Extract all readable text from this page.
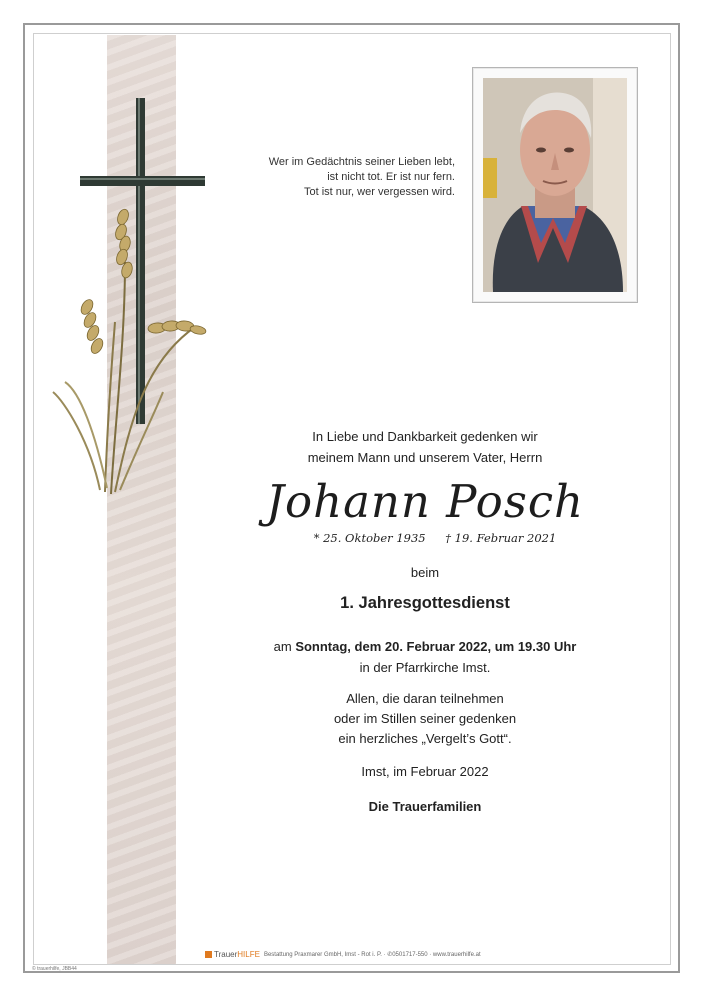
Wer im Gedächtnis seiner Lieben lebt,
ist nicht tot. Er ist nur fern.
Tot ist nur, wer vergessen wird.
In Liebe und Dankbarkeit gedenken wir
meinem Mann und unserem Vater, Herrn
Johann Posch
* 25. Oktober 1935 † 19. Februar 2021
beim
1. Jahresgottesdienst
am Sonntag, dem 20. Februar 2022, um 19.30 Uhr
in der Pfarrkirche Imst.
Allen, die daran teilnehmen
oder im Stillen seiner gedenken
ein herzliches „Vergelt’s Gott“.
Imst, im Februar 2022
Die Trauerfamilien
TrauerHILFE Bestattung Praxmarer GmbH, Imst - Rot i. P. · ✆0501717-550 · www.trauerhilfe.at
© trauerhilfe, JBB44
